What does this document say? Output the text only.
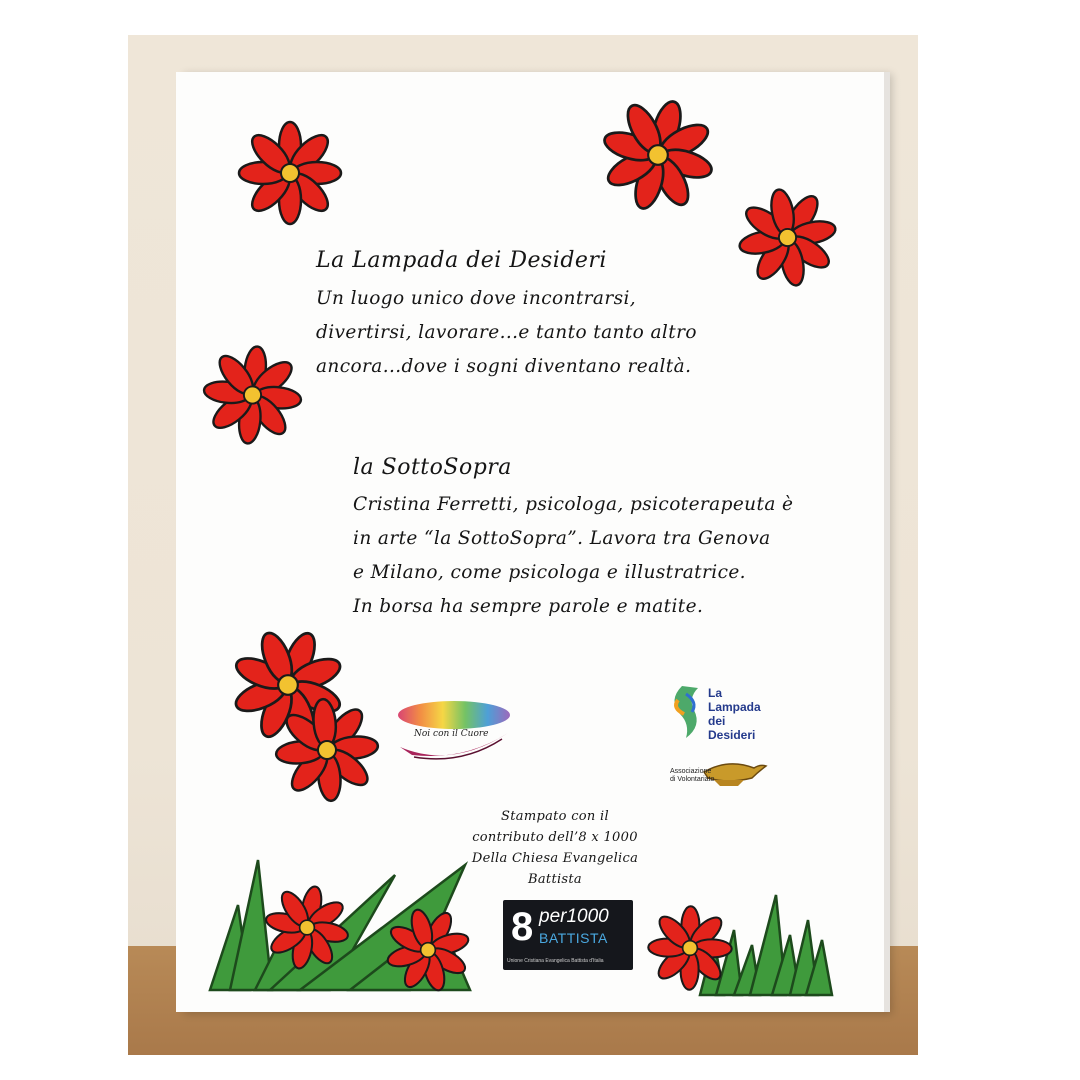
La Lampada dei Desideri
Un luogo unico dove incontrarsi,
divertirsi, lavorare...e tanto tanto altro
ancora...dove i sogni diventano realtà.
la SottoSopra
Cristina Ferretti, psicologa, psicoterapeuta è
in arte “la SottoSopra”. Lavora tra Genova
e Milano, come psicologa e illustratrice.
In borsa ha sempre parole e matite.
Noi con il Cuore
La
Lampada
dei
Desideri
Associazione
di Volontariato
Stampato con il
contributo dell’8 x 1000
Della Chiesa Evangelica
Battista
8 per1000
BATTISTA
Unione Cristiana Evangelica Battista d'Italia
